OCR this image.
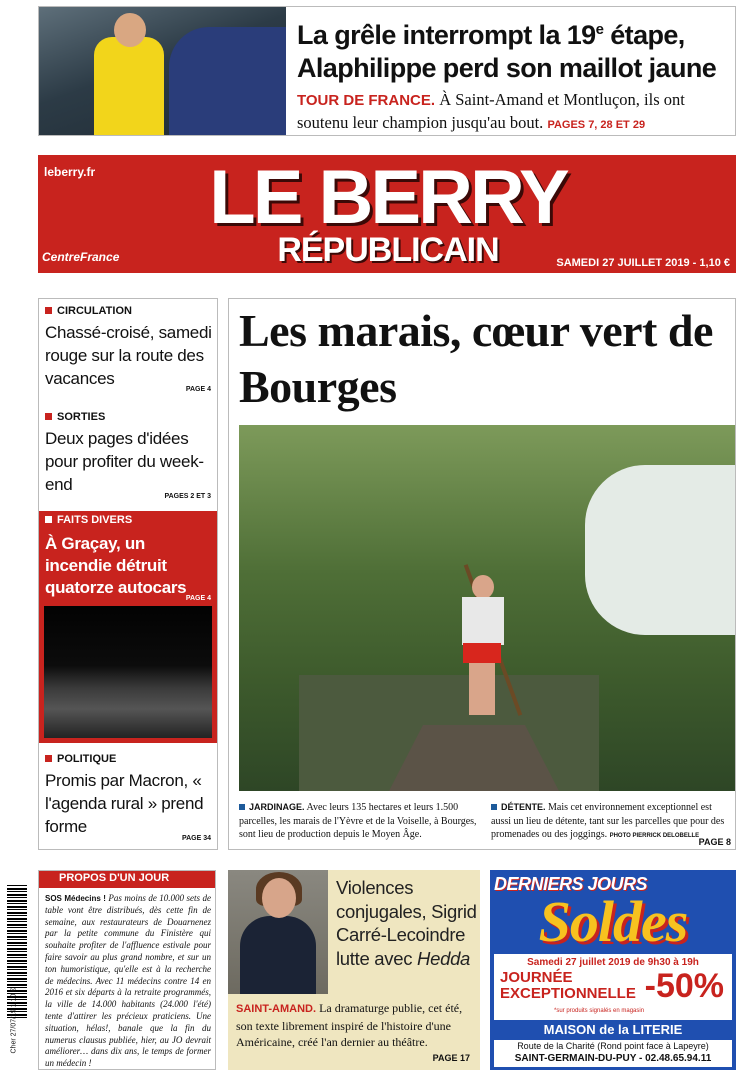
La grêle interrompt la 19e étape,
Alaphilippe perd son maillot jaune
TOUR DE FRANCE. À Saint-Amand et Montluçon, ils ont soutenu leur champion jusqu'au bout. PAGES 7, 28 ET 29
leberry.fr LE BERRY
RÉPUBLICAIN
CentreFrance	SAMEDI 27 JUILLET 2019 - 1,10 €
CIRCULATION
Chassé-croisé, samedi rouge sur la route des vacances
PAGE 4
SORTIES
Deux pages d'idées pour profiter du week-end
PAGES 2 ET 3
FAITS DIVERS
À Graçay, un incendie détruit quatorze autocars
PAGE 4
POLITIQUE
Promis par Macron, « l'agenda rural » prend forme
PAGE 34
Les marais, cœur vert de Bourges
JARDINAGE. Avec leurs 135 hectares et leurs 1.500 parcelles, les marais de l'Yèvre et de la Voiselle, à Bourges, sont lieu de production depuis le Moyen Âge.
DÉTENTE. Mais cet environnement exceptionnel est aussi un lieu de détente, tant sur les parcelles que pour des promenades ou des joggings. PHOTO PIERRICK DELOBELLE
PAGE 8
Cher 27/07/19 1,10 €
PROPOS D'UN JOUR
SOS Médecins ! Pas moins de 10.000 sets de table vont être distribués, dès cette fin de semaine, aux restaurateurs de Douarnenez par la petite commune du Finistère qui souhaite profiter de l'affluence estivale pour faire savoir au plus grand nombre, et sur un ton humoristique, qu'elle est à la recherche de médecins. Avec 11 médecins contre 14 en 2016 et six départs à la retraite programmés, la ville de 14.000 habitants (24.000 l'été) tente d'attirer les précieux praticiens. Une situation, hélas!, banale que la fin du numerus clausus publiée, hier, au JO devrait améliorer… dans dix ans, le temps de former un médecin !
Violences conjugales, Sigrid Carré-Lecoindre lutte avec Hedda
SAINT-AMAND. La dramaturge publie, cet été, son texte librement inspiré de l'histoire d'une Américaine, créé l'an dernier au théâtre.
PAGE 17
DERNIERS JOURS
Soldes
Samedi 27 juillet 2019 de 9h30 à 19h
JOURNÉE
EXCEPTIONNELLE -50%
*sur produits signalés en magasin
MAISON de la LITERIE
Route de la Charité (Rond point face à Lapeyre)
SAINT-GERMAIN-DU-PUY - 02.48.65.94.11
